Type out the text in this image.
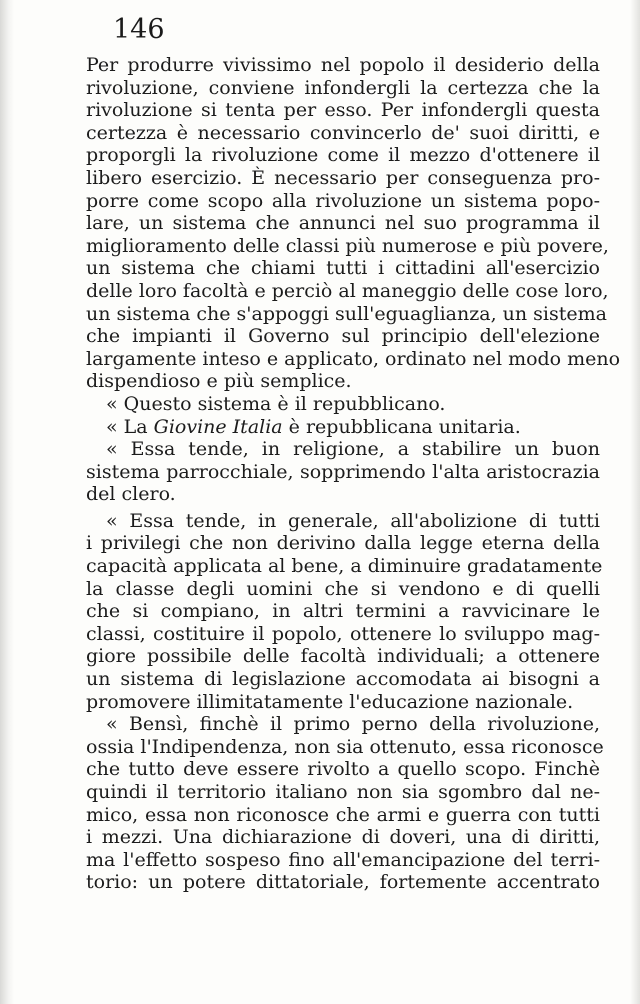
146
Per produrre vivissimo nel popolo il desiderio della
rivoluzione, conviene infondergli la certezza che la
rivoluzione si tenta per esso. Per infondergli questa
certezza è necessario convincerlo de' suoi diritti, e
proporgli la rivoluzione come il mezzo d'ottenere il
libero esercizio. È necessario per conseguenza pro-
porre come scopo alla rivoluzione un sistema popo-
lare, un sistema che annunci nel suo programma il
miglioramento delle classi più numerose e più povere,
un sistema che chiami tutti i cittadini all'esercizio
delle loro facoltà e perciò al maneggio delle cose loro,
un sistema che s'appoggi sull'eguaglianza, un sistema
che impianti il Governo sul principio dell'elezione
largamente inteso e applicato, ordinato nel modo meno
dispendioso e più semplice.
« Questo sistema è il repubblicano.
« La Giovine Italia è repubblicana unitaria.
« Essa tende, in religione, a stabilire un buon
sistema parrocchiale, sopprimendo l'alta aristocrazia
del clero.
« Essa tende, in generale, all'abolizione di tutti
i privilegi che non derivino dalla legge eterna della
capacità applicata al bene, a diminuire gradatamente
la classe degli uomini che si vendono e di quelli
che si compiano, in altri termini a ravvicinare le
classi, costituire il popolo, ottenere lo sviluppo mag-
giore possibile delle facoltà individuali; a ottenere
un sistema di legislazione accomodata ai bisogni a
promovere illimitatamente l'educazione nazionale.
« Bensì, finchè il primo perno della rivoluzione,
ossia l'Indipendenza, non sia ottenuto, essa riconosce
che tutto deve essere rivolto a quello scopo. Finchè
quindi il territorio italiano non sia sgombro dal ne-
mico, essa non riconosce che armi e guerra con tutti
i mezzi. Una dichiarazione di doveri, una di diritti,
ma l'effetto sospeso fino all'emancipazione del terri-
torio: un potere dittatoriale, fortemente accentrato
